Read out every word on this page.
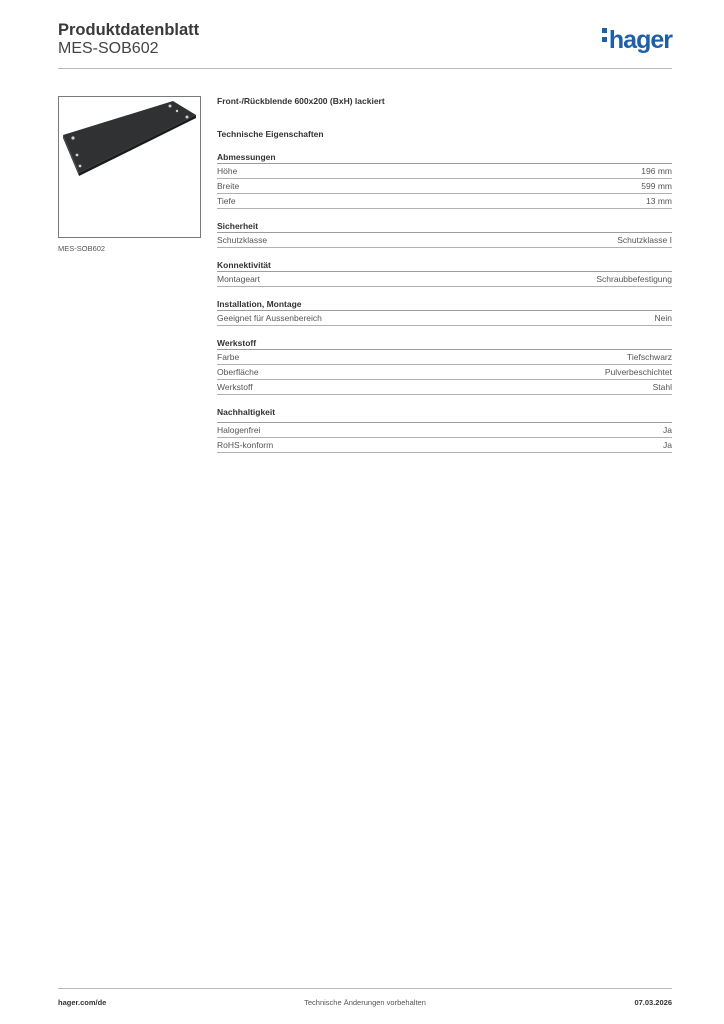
Produktdatenblatt
MES-SOB602	hager
MES-SOB602
Front-/Rückblende 600x200 (BxH) lackiert
Technische Eigenschaften
Abmessungen
Höhe	196 mm
Breite	599 mm
Tiefe	13 mm
Sicherheit
Schutzklasse	Schutzklasse I
Konnektivität
Montageart	Schraubbefestigung
Installation, Montage
Geeignet für Aussenbereich	Nein
Werkstoff
Farbe	Tiefschwarz
Oberfläche	Pulverbeschichtet
Werkstoff	Stahl
Nachhaltigkeit
Halogenfrei	Ja
RoHS-konform	Ja
Technische Änderungen vorbehalten
hager.com/de	07.03.2026
